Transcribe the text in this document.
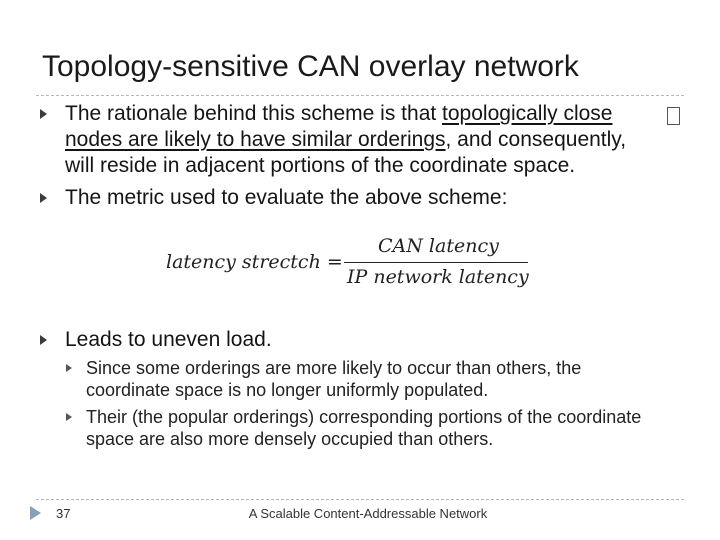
Topology-sensitive CAN overlay network
The rationale behind this scheme is that topologically close nodes are likely to have similar orderings, and consequently, will reside in adjacent portions of the coordinate space.
The metric used to evaluate the above scheme:
latency strectch =
CAN latency
IP network latency
Leads to uneven load.
Since some orderings are more likely to occur than others, the coordinate space is no longer uniformly populated.
Their (the popular orderings) corresponding portions of the coordinate space are also more densely occupied than others.
37	A Scalable Content-Addressable Network
